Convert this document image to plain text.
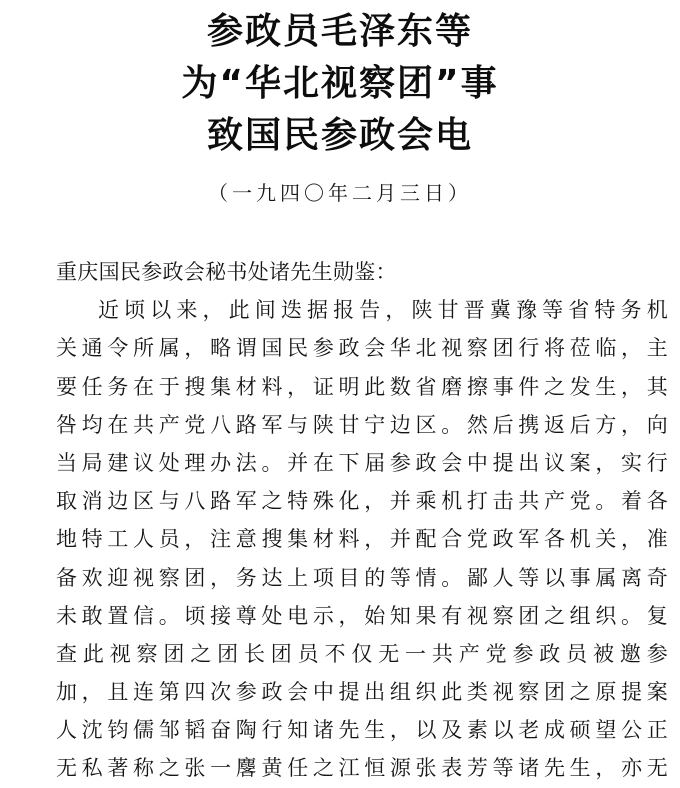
参政员毛泽东等
为“华北视察团”事
致国民参政会电
（一九四〇年二月三日）
重庆国民参政会秘书处诸先生勋鉴：
近顷以来，此间迭据报告，陕甘晋冀豫等省特务机
关通令所属，略谓国民参政会华北视察团行将莅临，主
要任务在于搜集材料，证明此数省磨擦事件之发生，其
咎均在共产党八路军与陕甘宁边区。然后携返后方，向
当局建议处理办法。并在下届参政会中提出议案，实行
取消边区与八路军之特殊化，并乘机打击共产党。着各
地特工人员，注意搜集材料，并配合党政军各机关，准
备欢迎视察团，务达上项目的等情。鄙人等以事属离奇
未敢置信。顷接尊处电示，始知果有视察团之组织。复
查此视察团之团长团员不仅无一共产党参政员被邀参
加，且连第四次参政会中提出组织此类视察团之原提案
人沈钧儒邹韬奋陶行知诸先生，以及素以老成硕望公正
无私著称之张一麐黄任之江恒源张表芳等诸先生，亦无
